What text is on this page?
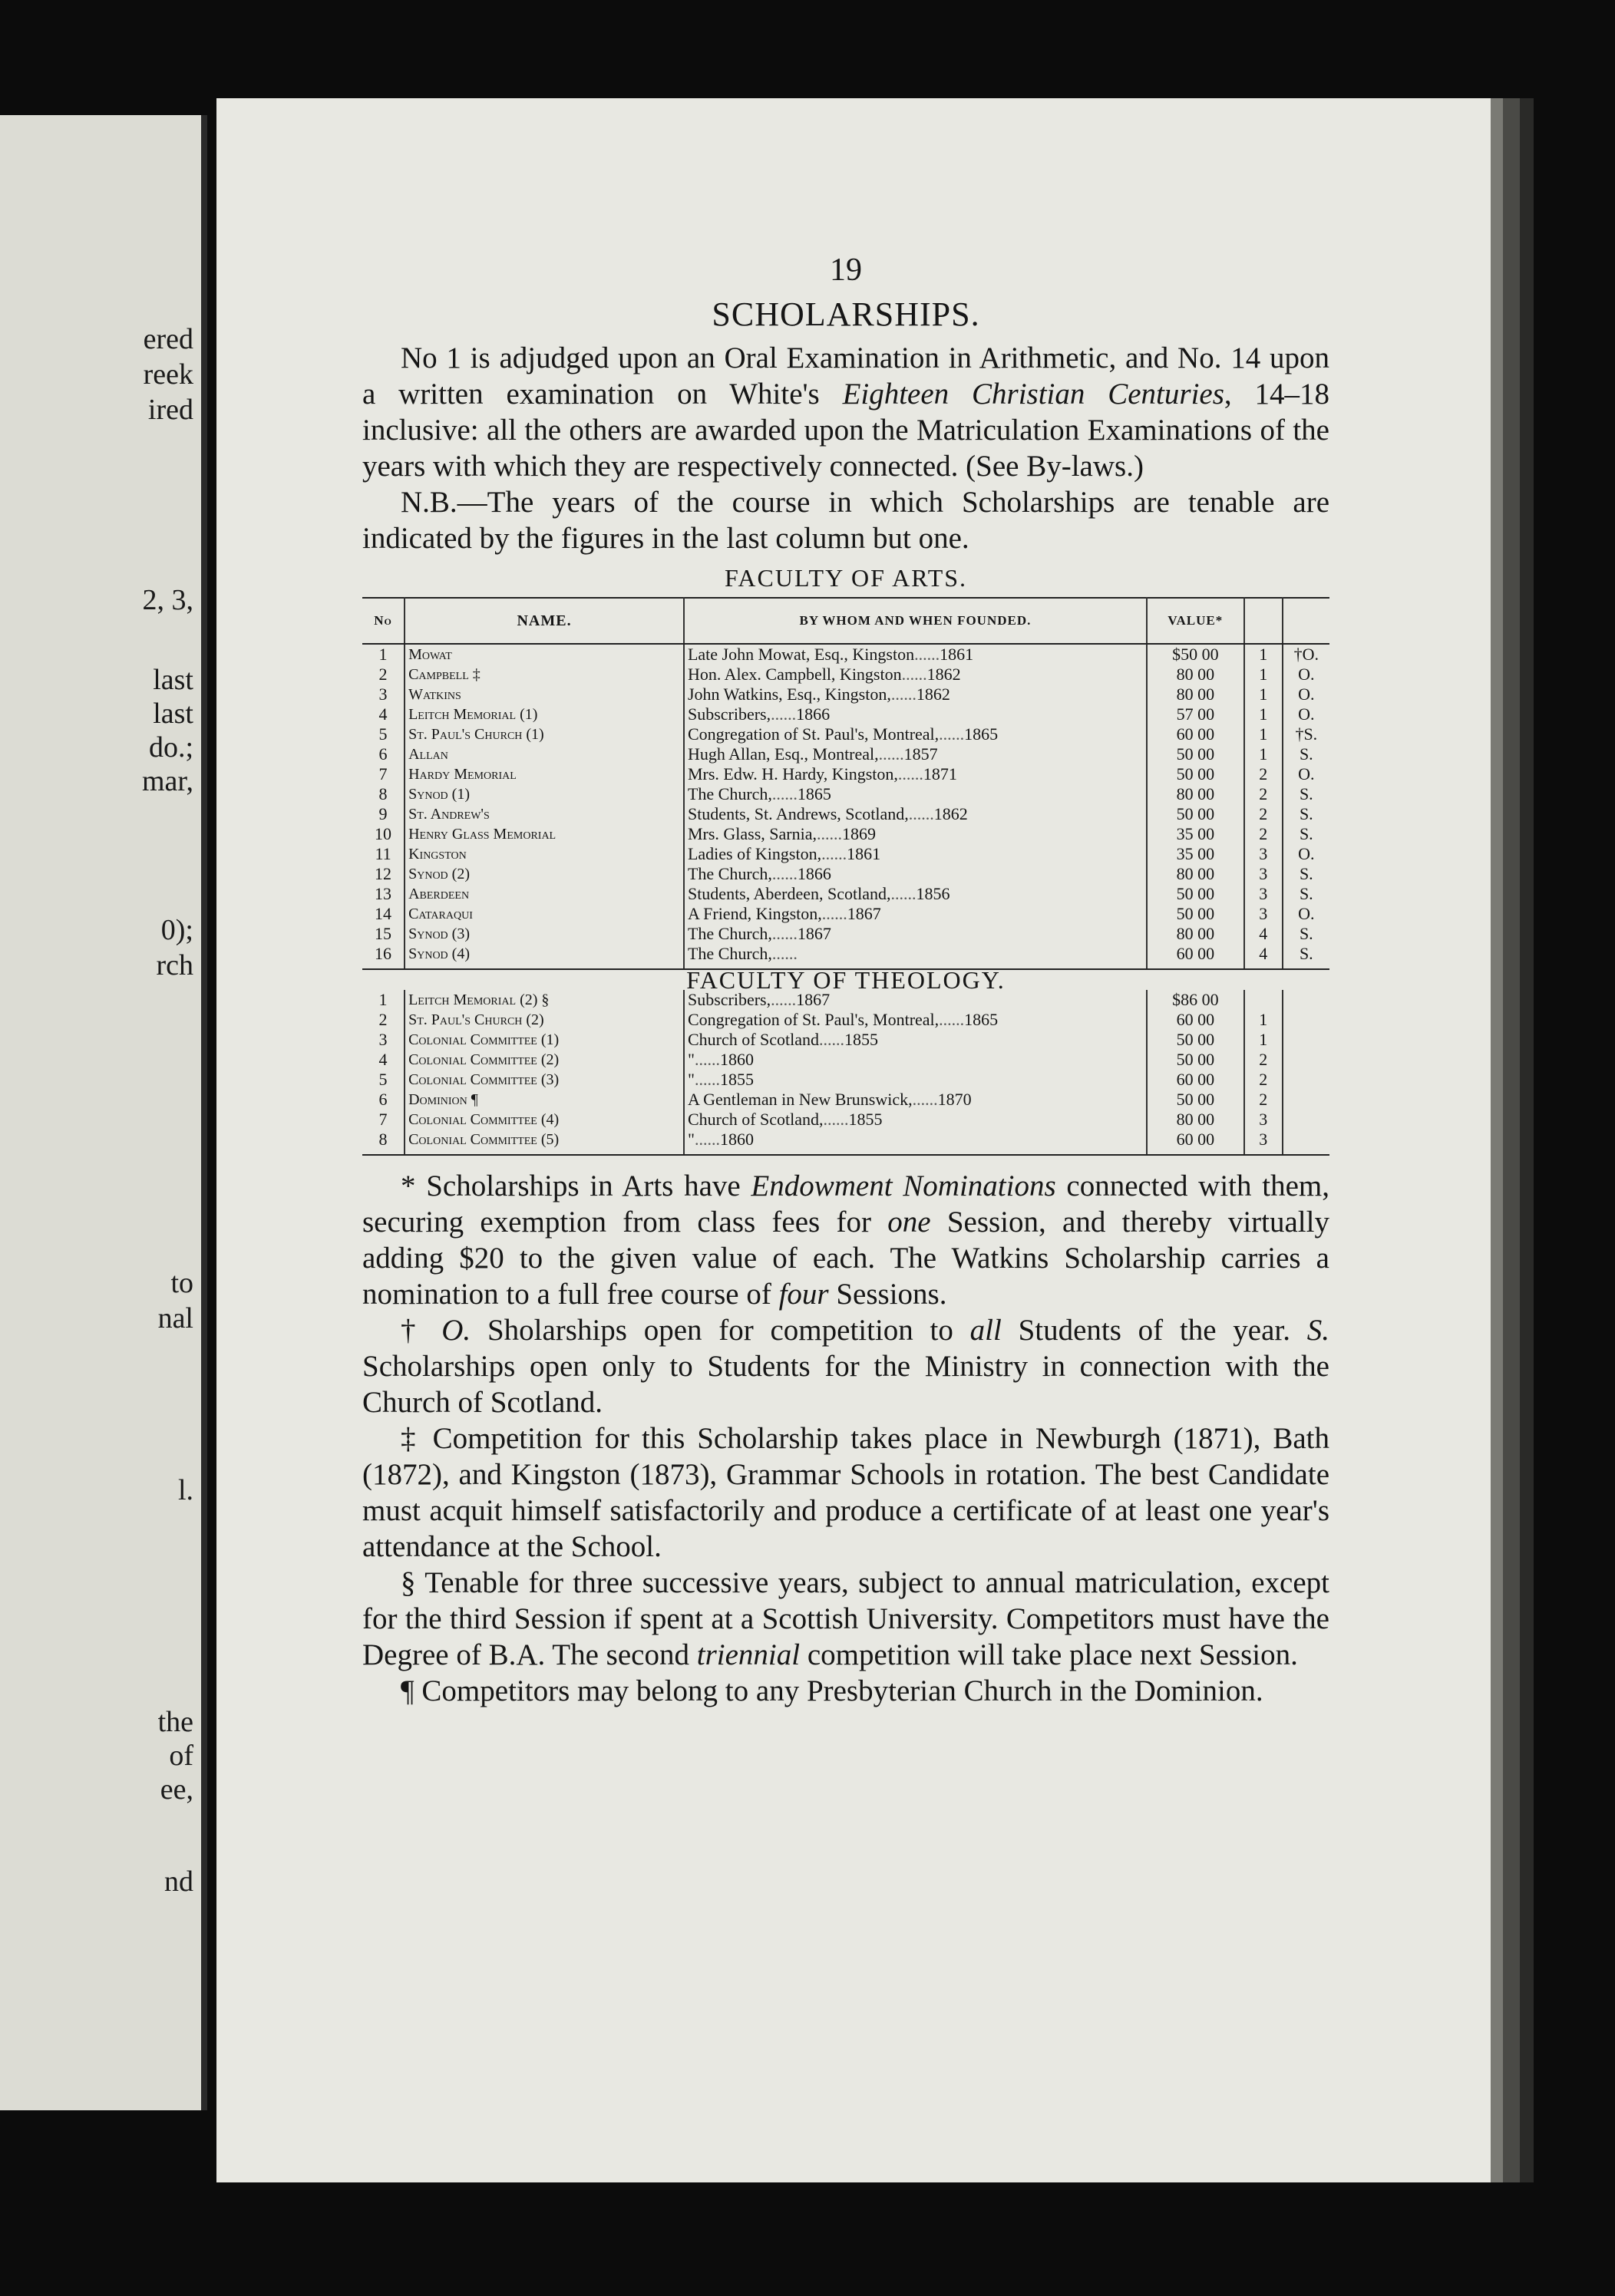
ered
reek
ired
2, 3,
last
last
do.;
mar,
0);
rch
to
nal
l.
the
of
ee,
nd
19
SCHOLARSHIPS.

No 1 is adjudged upon an Oral Examination in Arithmetic, and No. 14 upon a written examination on White's Eighteen Christian Centuries, 14–18 inclusive: all the others are awarded upon the Matriculation Examinations of the years with which they are respectively connected. (See By-laws.)

N.B.—The years of the course in which Scholarships are tenable are indicated by the figures in the last column but one.

FACULTY OF ARTS.
No	NAME.	BY WHOM AND WHEN FOUNDED.	VALUE*		
1	Mowat	Late John Mowat, Esq., Kingston......1861	$50 00	1	†O.
2	Campbell ‡	Hon. Alex. Campbell, Kingston......1862	80 00	1	O.
3	Watkins	John Watkins, Esq., Kingston,......1862	80 00	1	O.
4	Leitch Memorial (1)	Subscribers,......1866	57 00	1	O.
5	St. Paul's Church (1)	Congregation of St. Paul's, Montreal,......1865	60 00	1	†S.
6	Allan	Hugh Allan, Esq., Montreal,......1857	50 00	1	S.
7	Hardy Memorial	Mrs. Edw. H. Hardy, Kingston,......1871	50 00	2	O.
8	Synod (1)	The Church,......1865	80 00	2	S.
9	St. Andrew's	Students, St. Andrews, Scotland,......1862	50 00	2	S.
10	Henry Glass Memorial	Mrs. Glass, Sarnia,......1869	35 00	2	S.
11	Kingston	Ladies of Kingston,......1861	35 00	3	O.
12	Synod (2)	The Church,......1866	80 00	3	S.
13	Aberdeen	Students, Aberdeen, Scotland,......1856	50 00	3	S.
14	Cataraqui	A Friend, Kingston,......1867	50 00	3	O.
15	Synod (3)	The Church,......1867	80 00	4	S.
16	Synod (4)	The Church,......	60 00	4	S.
FACULTY OF THEOLOGY.					
1	Leitch Memorial (2) §	Subscribers,......1867	$86 00		
2	St. Paul's Church (2)	Congregation of St. Paul's, Montreal,......1865	60 00	1	
3	Colonial Committee (1)	Church of Scotland......1855	50 00	1	
4	Colonial Committee (2)	"......1860	50 00	2	
5	Colonial Committee (3)	"......1855	60 00	2	
6	Dominion ¶	A Gentleman in New Brunswick,......1870	50 00	2	
7	Colonial Committee (4)	Church of Scotland,......1855	80 00	3	
8	Colonial Committee (5)	"......1860	60 00	3	

* Scholarships in Arts have Endowment Nominations connected with them, securing exemption from class fees for one Session, and thereby virtually adding $20 to the given value of each. The Watkins Scholarship carries a nomination to a full free course of four Sessions.

† O. Sholarships open for competition to all Students of the year. S. Scholarships open only to Students for the Ministry in connection with the Church of Scotland.

‡ Competition for this Scholarship takes place in Newburgh (1871), Bath (1872), and Kingston (1873), Grammar Schools in rotation. The best Candidate must acquit himself satisfactorily and produce a certificate of at least one year's attendance at the School.

§ Tenable for three successive years, subject to annual matriculation, except for the third Session if spent at a Scottish University. Competitors must have the Degree of B.A. The second triennial competition will take place next Session.

¶ Competitors may belong to any Presbyterian Church in the Dominion.
